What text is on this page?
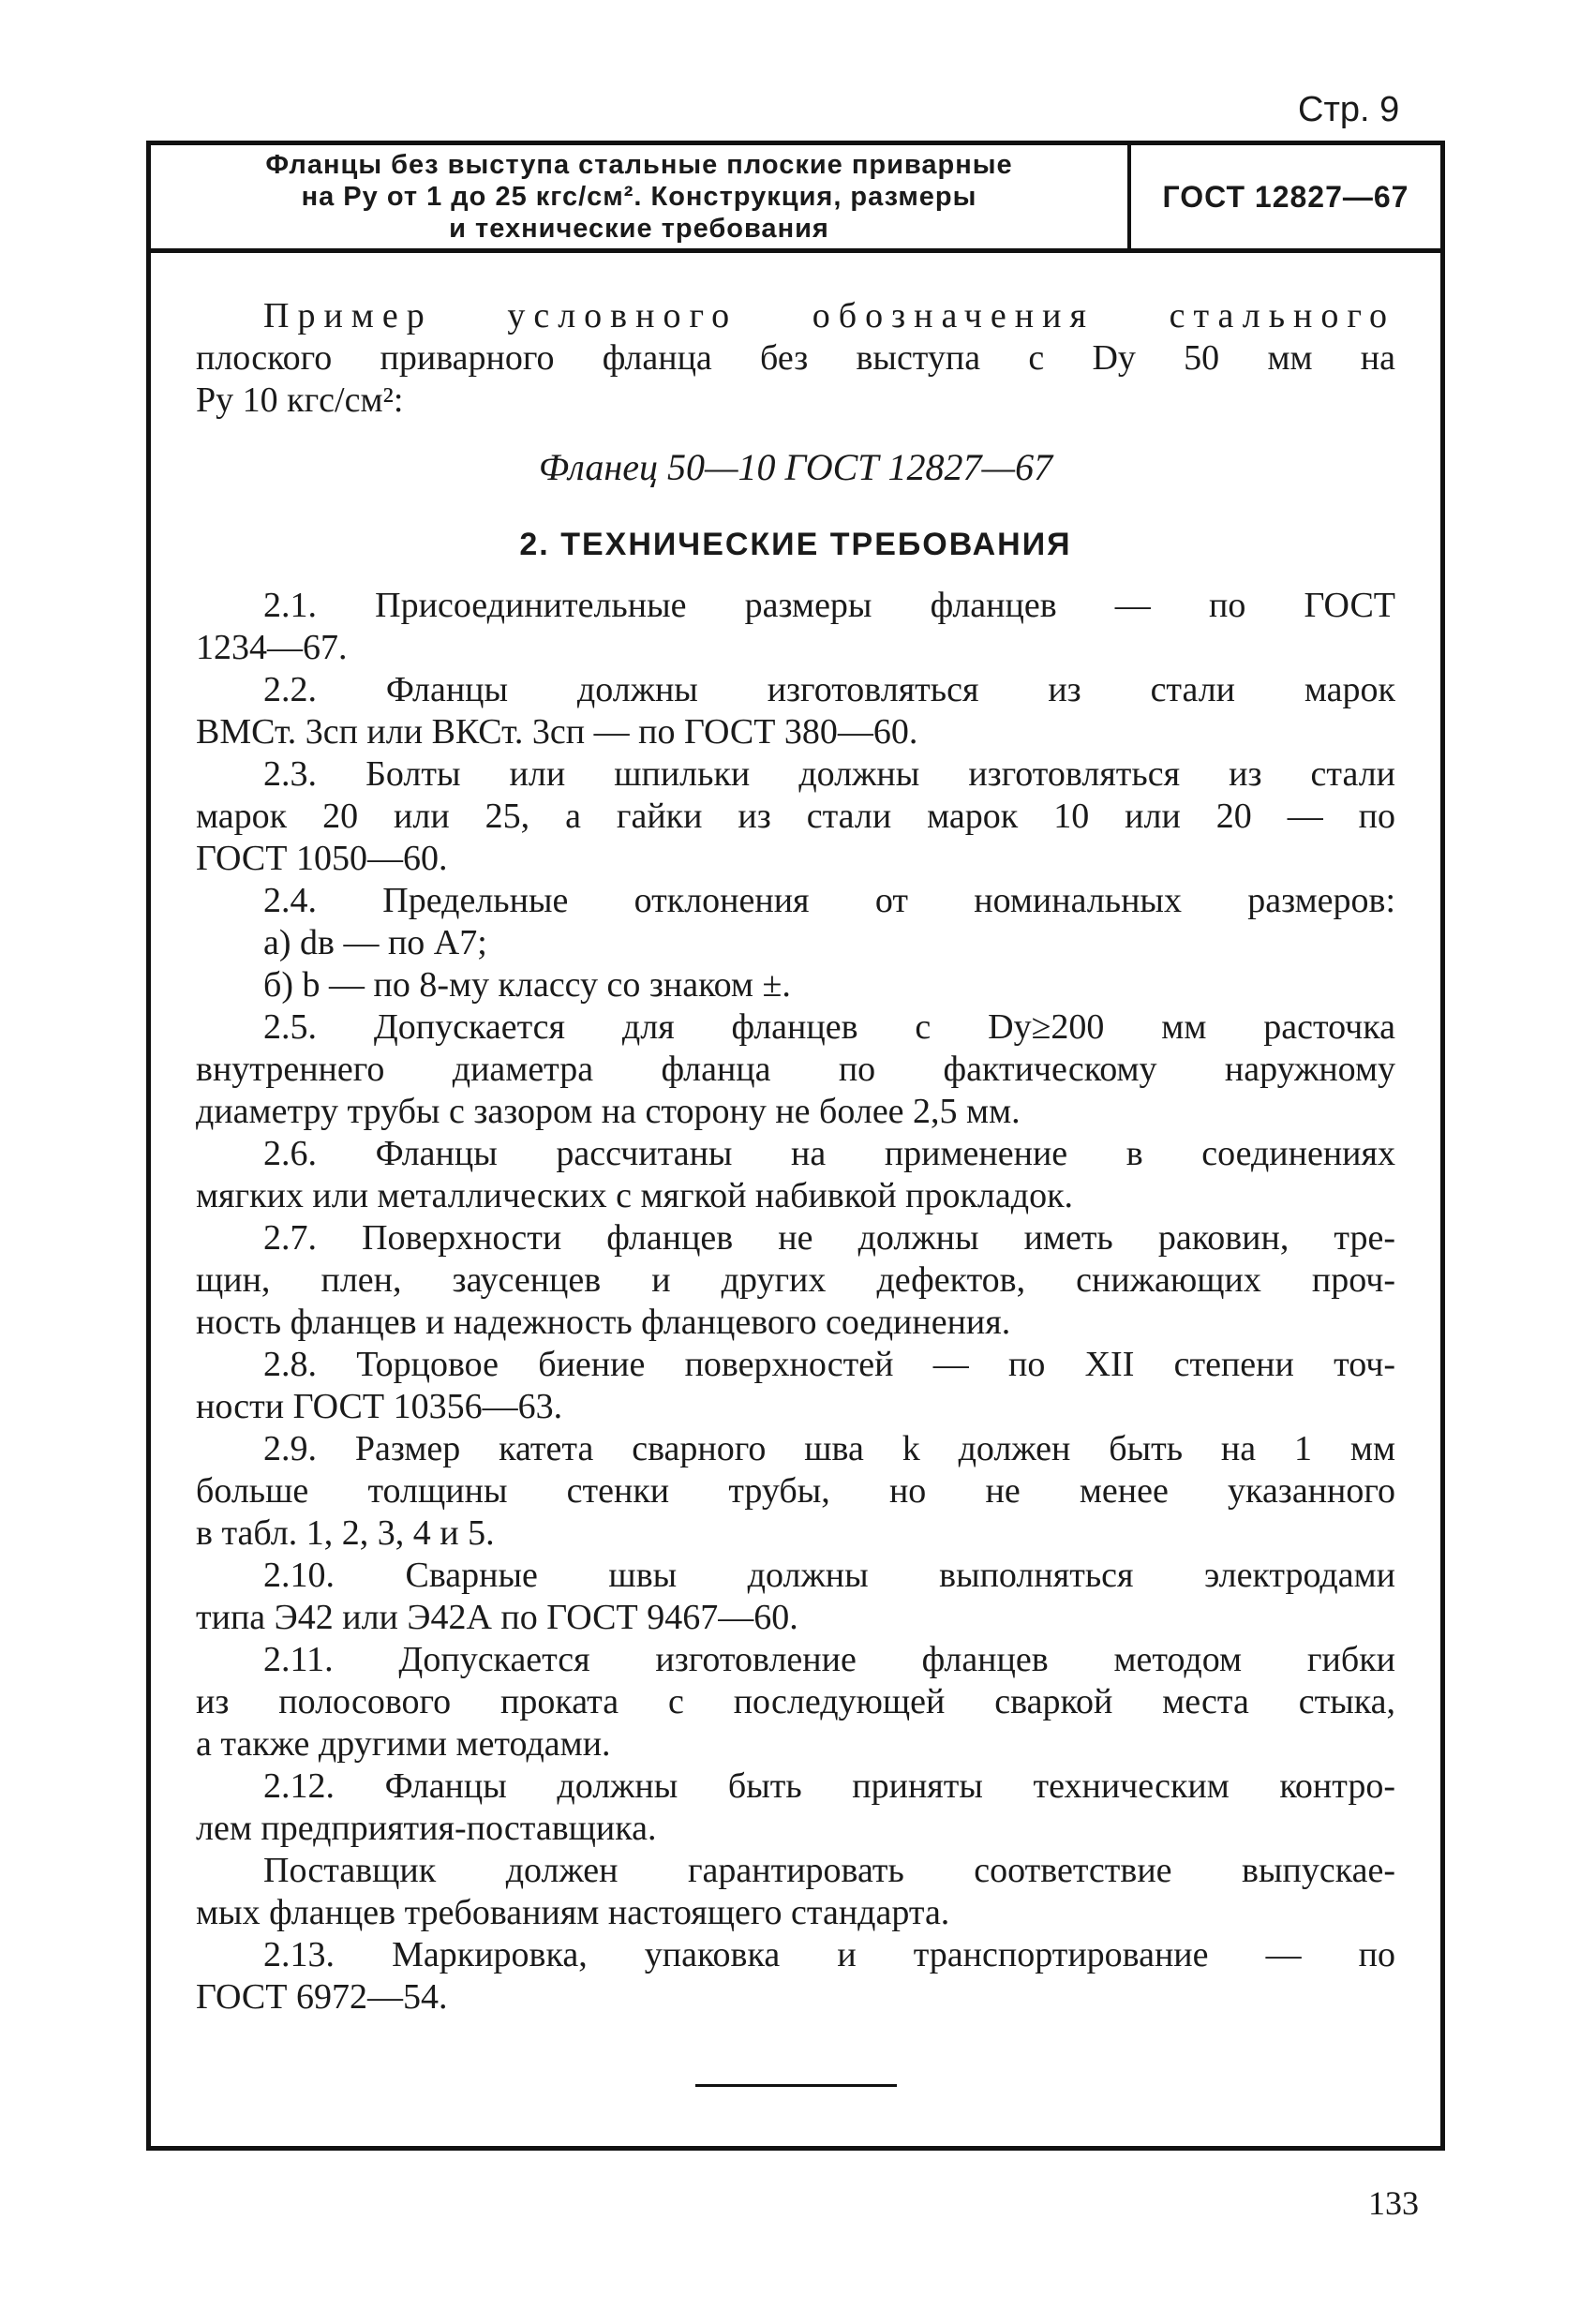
Стр. 9
Фланцы без выступа стальные плоские приварные
на Pу от 1 до 25 кгс/см². Конструкция, размеры
и технические требования
ГОСТ 12827—67

Пример условного обозначения стального

плоского приварного фланца без выступа с Dу 50 мм на

Pу 10 кгс/см²:

Фланец 50—10 ГОСТ 12827—67

2. ТЕХНИЧЕСКИЕ ТРЕБОВАНИЯ

2.1. Присоединительные размеры фланцев — по ГОСТ

1234—67.

2.2. Фланцы должны изготовляться из стали марок

ВМСт. 3сп или ВКСт. 3сп — по ГОСТ 380—60.

2.3. Болты или шпильки должны изготовляться из стали

марок 20 или 25, а гайки из стали марок 10 или 20 — по

ГОСТ 1050—60.

2.4. Предельные отклонения от номинальных размеров:

а) dв — по A7;

б) b — по 8-му классу со знаком ±.

2.5. Допускается для фланцев с Dу≥200 мм расточка

внутреннего диаметра фланца по фактическому наружному

диаметру трубы с зазором на сторону не более 2,5 мм.

2.6. Фланцы рассчитаны на применение в соединениях

мягких или металлических с мягкой набивкой прокладок.

2.7. Поверхности фланцев не должны иметь раковин, тре-

щин, плен, заусенцев и других дефектов, снижающих проч-

ность фланцев и надежность фланцевого соединения.

2.8. Торцовое биение поверхностей — по XII степени точ-

ности ГОСТ 10356—63.

2.9. Размер катета сварного шва k должен быть на 1 мм

больше толщины стенки трубы, но не менее указанного

в табл. 1, 2, 3, 4 и 5.

2.10. Сварные швы должны выполняться электродами

типа Э42 или Э42А по ГОСТ 9467—60.

2.11. Допускается изготовление фланцев методом гибки

из полосового проката с последующей сваркой места стыка,

а также другими методами.

2.12. Фланцы должны быть приняты техническим контро-

лем предприятия-поставщика.

Поставщик должен гарантировать соответствие выпускае-

мых фланцев требованиям настоящего стандарта.

2.13. Маркировка, упаковка и транспортирование — по

ГОСТ 6972—54.

133
